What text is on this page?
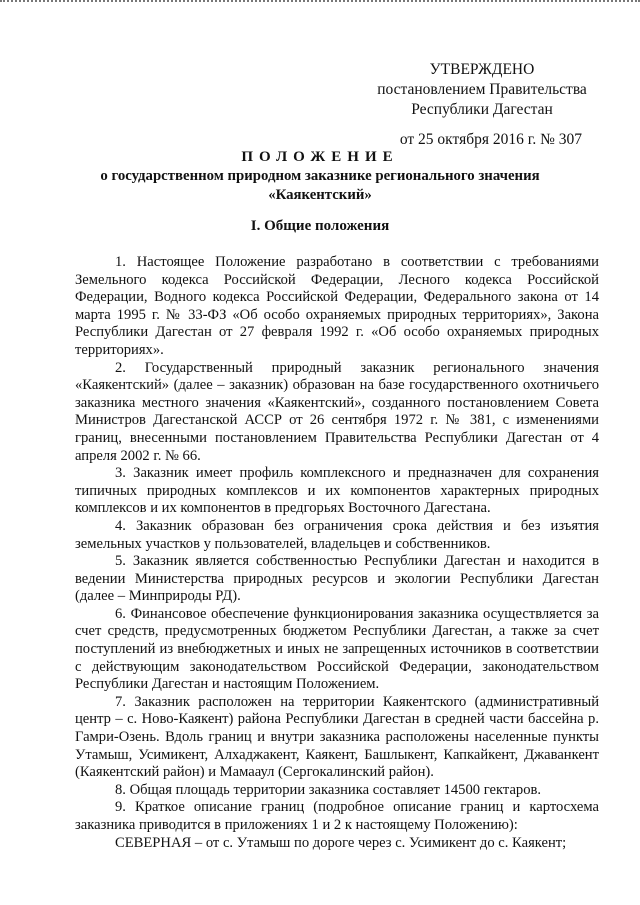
УТВЕРЖДЕНО
постановлением Правительства
Республики Дагестан
от 25 октября 2016 г. № 307
ПОЛОЖЕНИЕ
о государственном природном заказнике регионального значения
«Каякентский»
I. Общие положения

1. Настоящее Положение разработано в соответствии с требованиями Земельного кодекса Российской Федерации, Лесного кодекса Российской Федерации, Водного кодекса Российской Федерации, Федерального закона от 14 марта 1995 г. № 33-ФЗ «Об особо охраняемых природных территориях», Закона Республики Дагестан от 27 февраля 1992 г. «Об особо охраняемых природных территориях».

2. Государственный природный заказник регионального значения «Каякентский» (далее – заказник) образован на базе государственного охотничьего заказника местного значения «Каякентский», созданного постановлением Совета Министров Дагестанской АССР от 26 сентября 1972 г. № 381, с изменениями границ, внесенными постановлением Правительства Республики Дагестан от 4 апреля 2002 г. № 66.

3. Заказник имеет профиль комплексного и предназначен для сохранения типичных природных комплексов и их компонентов характерных природных комплексов и их компонентов в предгорьях Восточного Дагестана.

4. Заказник образован без ограничения срока действия и без изъятия земельных участков у пользователей, владельцев и собственников.

5. Заказник является собственностью Республики Дагестан и находится в ведении Министерства природных ресурсов и экологии Республики Дагестан (далее – Минприроды РД).

6. Финансовое обеспечение функционирования заказника осуществляется за счет средств, предусмотренных бюджетом Республики Дагестан, а также за счет поступлений из внебюджетных и иных не запрещенных источников в соответствии с действующим законодательством Российской Федерации, законодательством Республики Дагестан и настоящим Положением.

7. Заказник расположен на территории Каякентского (административный центр – с. Ново-Каякент) района Республики Дагестан в средней части бассейна р. Гамри-Озень. Вдоль границ и внутри заказника расположены населенные пункты Утамыш, Усимикент, Алхаджакент, Каякент, Башлыкент, Капкайкент, Джаванкент (Каякентский район) и Мамааул (Сергокалинский район).

8. Общая площадь территории заказника составляет 14500 гектаров.

9. Краткое описание границ (подробное описание границ и картосхема заказника приводится в приложениях 1 и 2 к настоящему Положению):

СЕВЕРНАЯ – от с. Утамыш по дороге через с. Усимикент до с. Каякент;
